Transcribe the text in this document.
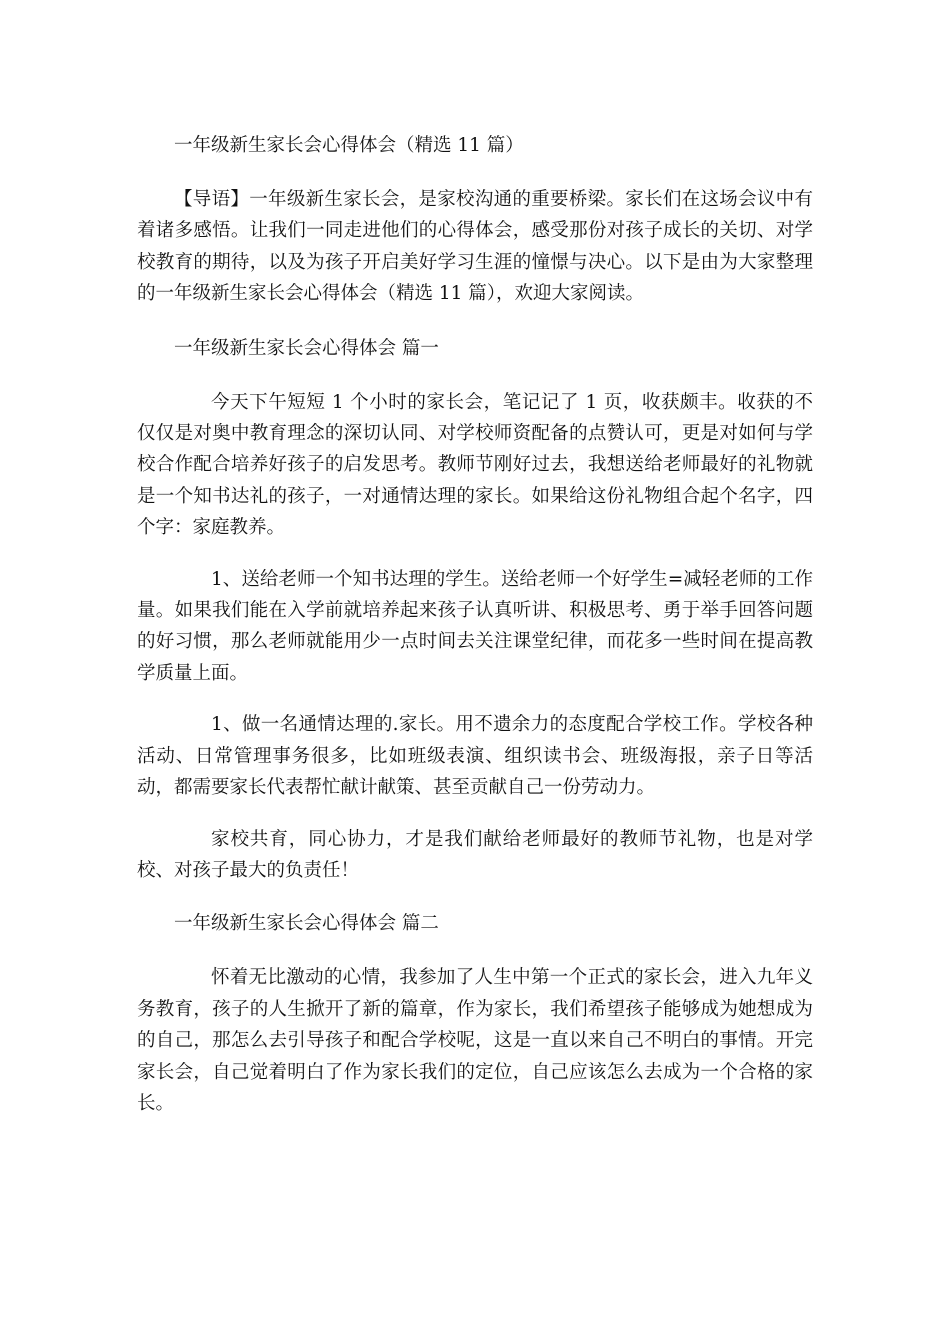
一年级新生家长会心得体会（精选 11 篇）

【导语】一年级新生家长会，是家校沟通的重要桥梁。家长们在这场会议中有着诸多感悟。让我们一同走进他们的心得体会，感受那份对孩子成长的关切、对学校教育的期待，以及为孩子开启美好学习生涯的憧憬与决心。以下是由为大家整理的一年级新生家长会心得体会（精选 11 篇），欢迎大家阅读。

一年级新生家长会心得体会 篇一

今天下午短短 1 个小时的家长会，笔记记了 1 页，收获颇丰。收获的不仅仅是对奥中教育理念的深切认同、对学校师资配备的点赞认可，更是对如何与学校合作配合培养好孩子的启发思考。教师节刚好过去，我想送给老师最好的礼物就是一个知书达礼的孩子，一对通情达理的家长。如果给这份礼物组合起个名字，四个字：家庭教养。

1、送给老师一个知书达理的学生。送给老师一个好学生=减轻老师的工作量。如果我们能在入学前就培养起来孩子认真听讲、积极思考、勇于举手回答问题的好习惯，那么老师就能用少一点时间去关注课堂纪律，而花多一些时间在提高教学质量上面。

1、做一名通情达理的.家长。用不遗余力的态度配合学校工作。学校各种活动、日常管理事务很多，比如班级表演、组织读书会、班级海报，亲子日等活动，都需要家长代表帮忙献计献策、甚至贡献自己一份劳动力。

家校共育，同心协力，才是我们献给老师最好的教师节礼物，也是对学校、对孩子最大的负责任！

一年级新生家长会心得体会 篇二

怀着无比激动的心情，我参加了人生中第一个正式的家长会，进入九年义务教育，孩子的人生掀开了新的篇章，作为家长，我们希望孩子能够成为她想成为的自己，那怎么去引导孩子和配合学校呢，这是一直以来自己不明白的事情。开完家长会，自己觉着明白了作为家长我们的定位，自己应该怎么去成为一个合格的家长。
